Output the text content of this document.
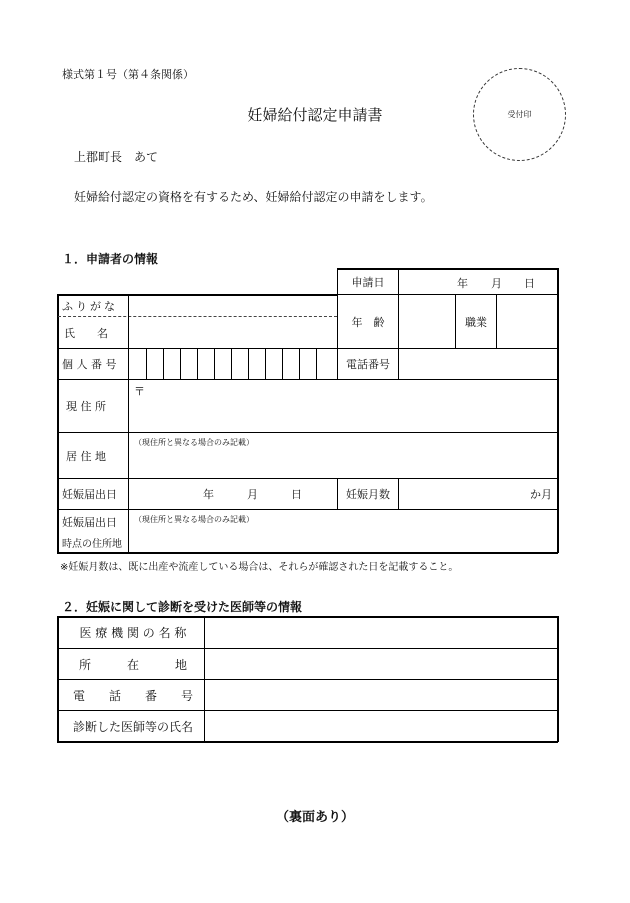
様式第１号（第４条関係）
妊婦給付認定申請書	受付印
上郡町長　あて
妊婦給付認定の資格を有するため、妊婦給付認定の申請をします。
１．申請者の情報
申請日	年 月 日
ふりがな
氏　　名
年　齢	職業
個 人 番 号	電話番号
現 住 所
〒
居 住 地
（現住所と異なる場合のみ記載）
妊娠届出日	年	月	日	妊娠月数	か月
妊娠届出日
時点の住所地
（現住所と異なる場合のみ記載）
※妊娠月数は、既に出産や流産している場合は、それらが確認された日を記載すること。
２．妊娠に関して診断を受けた医師等の情報
医 療 機 関 の 名 称
所　　　在　　　地
電　　話　　番　　号
診断した医師等の氏名
（裏面あり）
